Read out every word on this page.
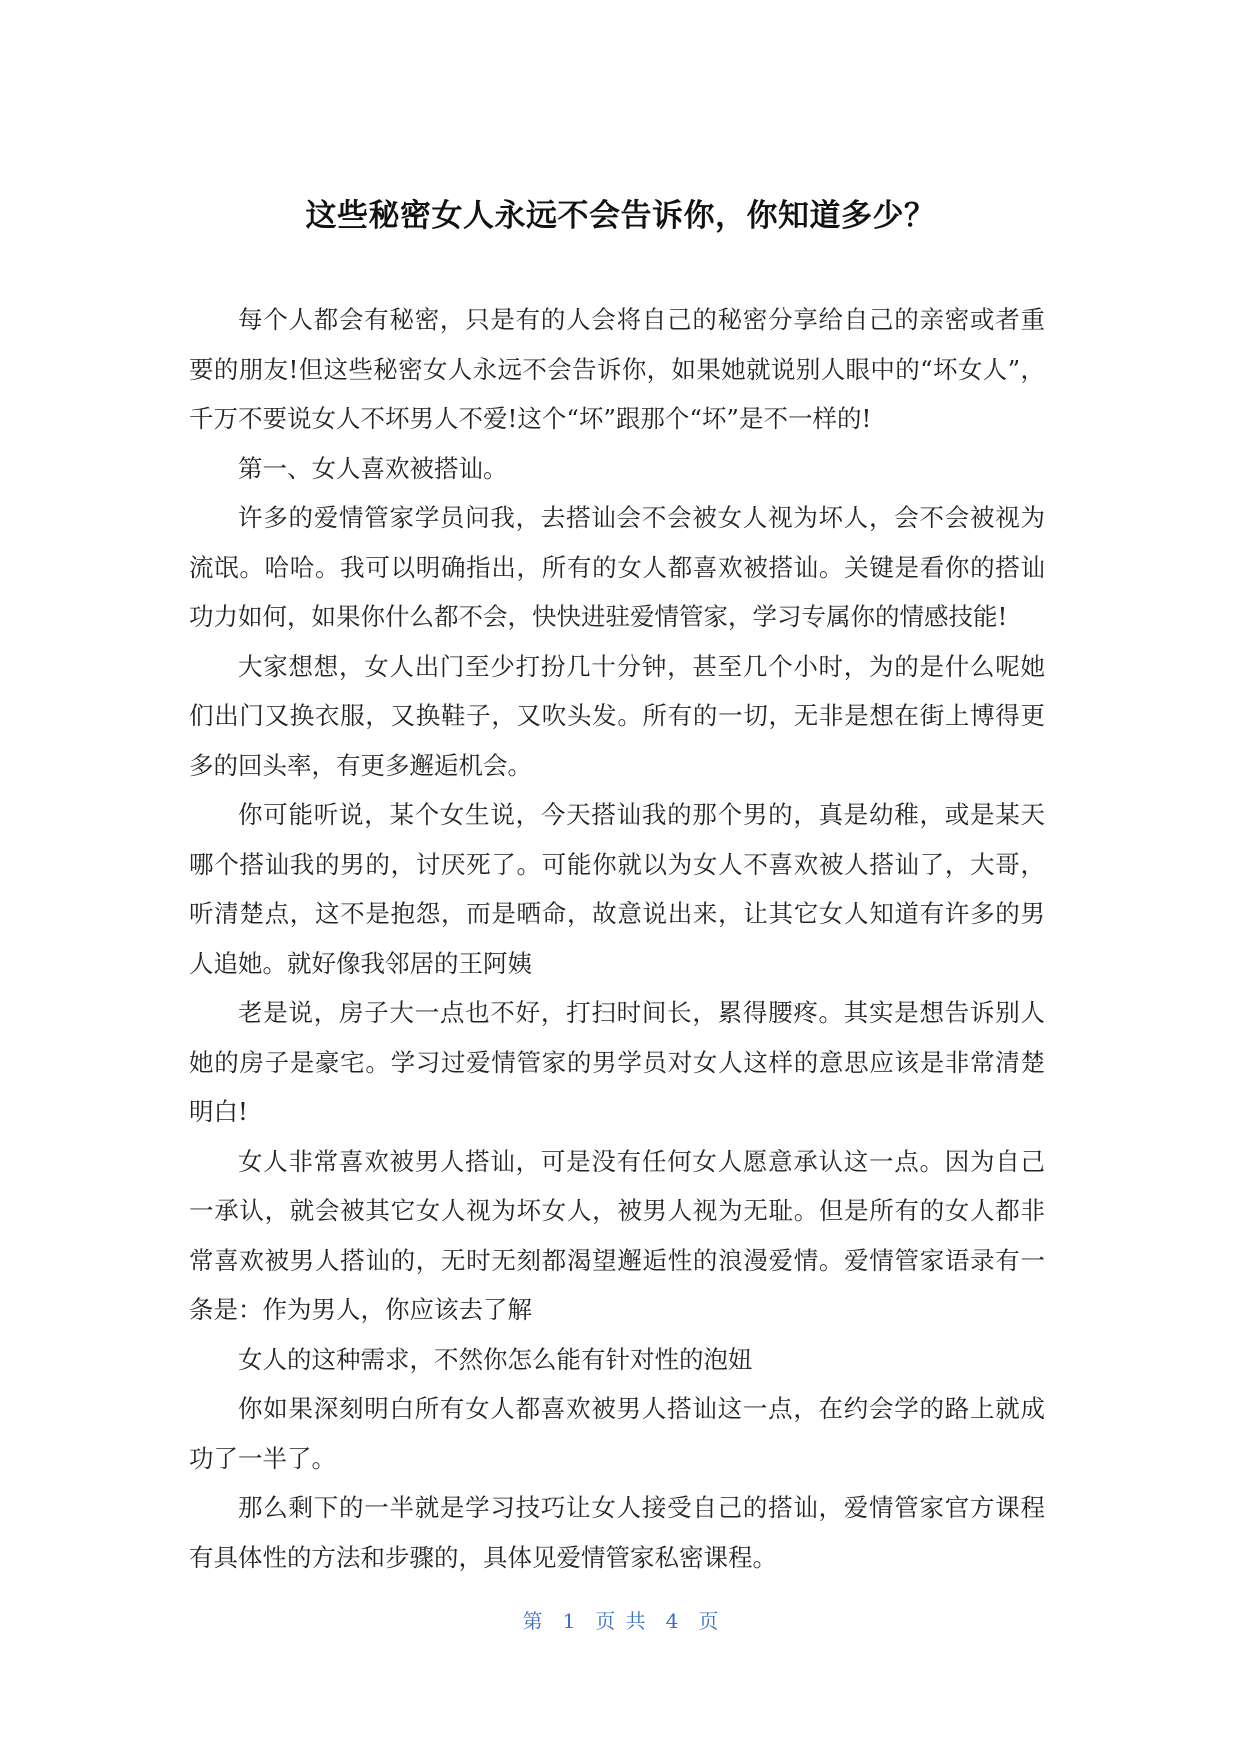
这些秘密女人永远不会告诉你，你知道多少？

每个人都会有秘密，只是有的人会将自己的秘密分享给自己的亲密或者重要的朋友!但这些秘密女人永远不会告诉你，如果她就说别人眼中的“坏女人”，千万不要说女人不坏男人不爱!这个“坏”跟那个“坏”是不一样的!

第一、女人喜欢被搭讪。

许多的爱情管家学员问我，去搭讪会不会被女人视为坏人，会不会被视为流氓。哈哈。我可以明确指出，所有的女人都喜欢被搭讪。关键是看你的搭讪功力如何，如果你什么都不会，快快进驻爱情管家，学习专属你的情感技能!

大家想想，女人出门至少打扮几十分钟，甚至几个小时，为的是什么呢她们出门又换衣服，又换鞋子，又吹头发。所有的一切，无非是想在街上博得更多的回头率，有更多邂逅机会。

你可能听说，某个女生说，今天搭讪我的那个男的，真是幼稚，或是某天哪个搭讪我的男的，讨厌死了。可能你就以为女人不喜欢被人搭讪了，大哥，听清楚点，这不是抱怨，而是晒命，故意说出来，让其它女人知道有许多的男人追她。就好像我邻居的王阿姨

老是说，房子大一点也不好，打扫时间长，累得腰疼。其实是想告诉别人她的房子是豪宅。学习过爱情管家的男学员对女人这样的意思应该是非常清楚明白!

女人非常喜欢被男人搭讪，可是没有任何女人愿意承认这一点。因为自己一承认，就会被其它女人视为坏女人，被男人视为无耻。但是所有的女人都非常喜欢被男人搭讪的，无时无刻都渴望邂逅性的浪漫爱情。爱情管家语录有一条是：作为男人，你应该去了解

女人的这种需求，不然你怎么能有针对性的泡妞

你如果深刻明白所有女人都喜欢被男人搭讪这一点，在约会学的路上就成功了一半了。

那么剩下的一半就是学习技巧让女人接受自己的搭讪，爱情管家官方课程有具体性的方法和步骤的，具体见爱情管家私密课程。

第 1 页 共 4 页
